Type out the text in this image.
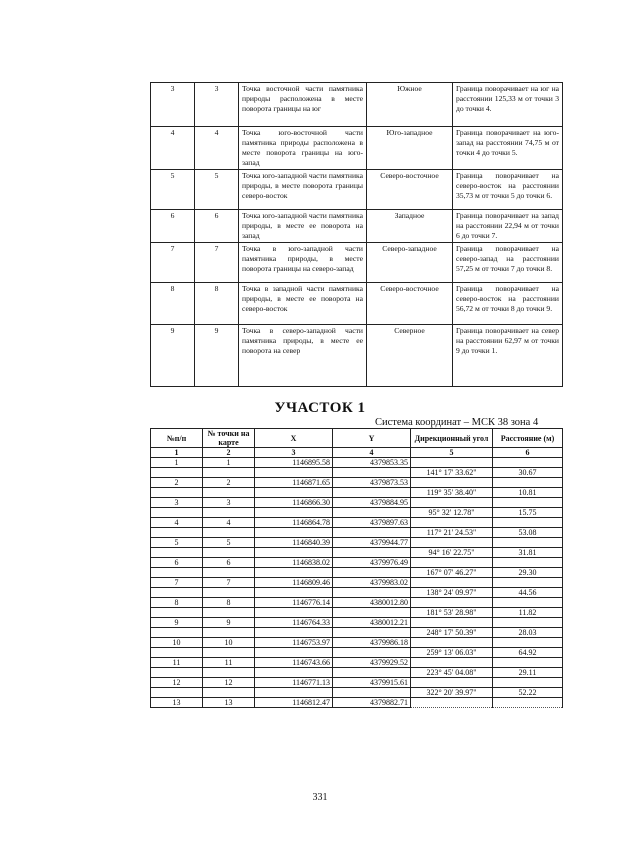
3	3	Точка восточной части памятника природы расположена в месте поворота границы на юг	Южное	Граница поворачивает на юг на расстоянии 125,33 м от точки 3 до точки 4.
4	4	Точка юго-восточной части памятника природы расположена в месте поворота границы на юго-запад	Юго-западное	Граница поворачивает на юго-запад на расстоянии 74,75 м от точки 4 до точки 5.
5	5	Точка юго-западной части памятника природы, в месте поворота границы северо-восток	Северо-восточное	Граница поворачивает на северо-восток на расстоянии 35,73 м от точки 5 до точки 6.
6	6	Точка юго-западной части памятника природы, в месте ее поворота на запад	Западное	Граница поворачивает на запад на расстоянии 22,94 м от точки 6 до точки 7.
7	7	Точка в юго-западной части памятника природы, в месте поворота границы на северо-запад	Северо-западное	Граница поворачивает на северо-запад на расстоянии 57,25 м от точки 7 до точки 8.
8	8	Точка в западной части памятника природы, в месте ее поворота на северо-восток	Северо-восточное	Граница поворачивает на северо-восток на расстоянии 56,72 м от точки 8 до точки 9.
9	9	Точка в северо-западной части памятника природы, в месте ее поворота на север	Северное	Граница поворачивает на север на расстоянии 62,97 м от точки 9 до точки 1.
УЧАСТОК 1
Система координат – МСК 38 зона 4
№п/п	№ точки на карте	X	Y	Дирекционный угол	Расстояние (м)
1	2	3	4	5	6
1	1	1146895.58	4379853.35		
				141° 17' 33.62"	30.67
2	2	1146871.65	4379873.53		
				119° 35' 38.40"	10.81
3	3	1146866.30	4379884.95		
				95° 32' 12.78"	15.75
4	4	1146864.78	4379897.63		
				117° 21' 24.53"	53.08
5	5	1146840.39	4379944.77		
				94° 16' 22.75"	31.81
6	6	1146838.02	4379976.49		
				167° 07' 46.27"	29.30
7	7	1146809.46	4379983.02		
				138° 24' 09.97"	44.56
8	8	1146776.14	4380012.80		
				181° 53' 28.98"	11.82
9	9	1146764.33	4380012.21		
				248° 17' 50.39"	28.03
10	10	1146753.97	4379986.18		
				259° 13' 06.03"	64.92
11	11	1146743.66	4379929.52		
				223° 45' 04.08"	29.11
12	12	1146771.13	4379915.61		
				322° 20' 39.97"	52.22
13	13	1146812.47	4379882.71		
331
